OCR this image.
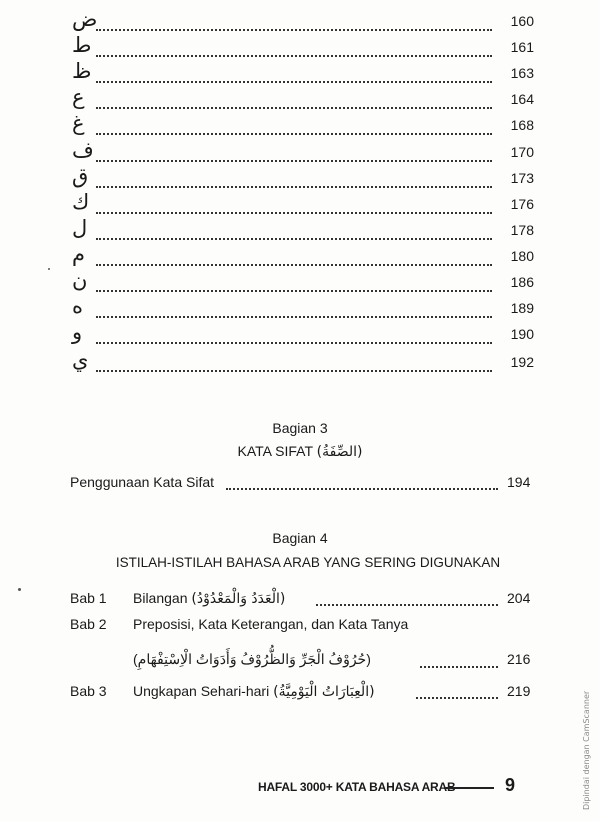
ض	160
ط	161
ظ	163
ع	164
غ	168
ف	170
ق	173
ك	176
ل	178
م	180
ن	186
ه	189
و	190
ي	192
Bagian 3
KATA SIFAT (الصِّفَةُ)
Penggunaan Kata Sifat	194
Bagian 4
ISTILAH-ISTILAH BAHASA ARAB YANG SERING DIGUNAKAN
Bab 1 Bilangan (الْعَدَدُ وَالْمَعْدُوْدُ)	204
Bab 2 Preposisi, Kata Keterangan, dan Kata Tanya
(حُرُوْفُ الْجَرِّ وَالظُّرُوْفُ وَأَدَوَاتُ الْاِسْتِفْهَامِ)	216
Bab 3 Ungkapan Sehari-hari (الْعِبَارَاتُ الْيَوْمِيَّةُ)	219
HAFAL 3000+ KATA BAHASA ARAB	9	Dipindai dengan CamScanner
